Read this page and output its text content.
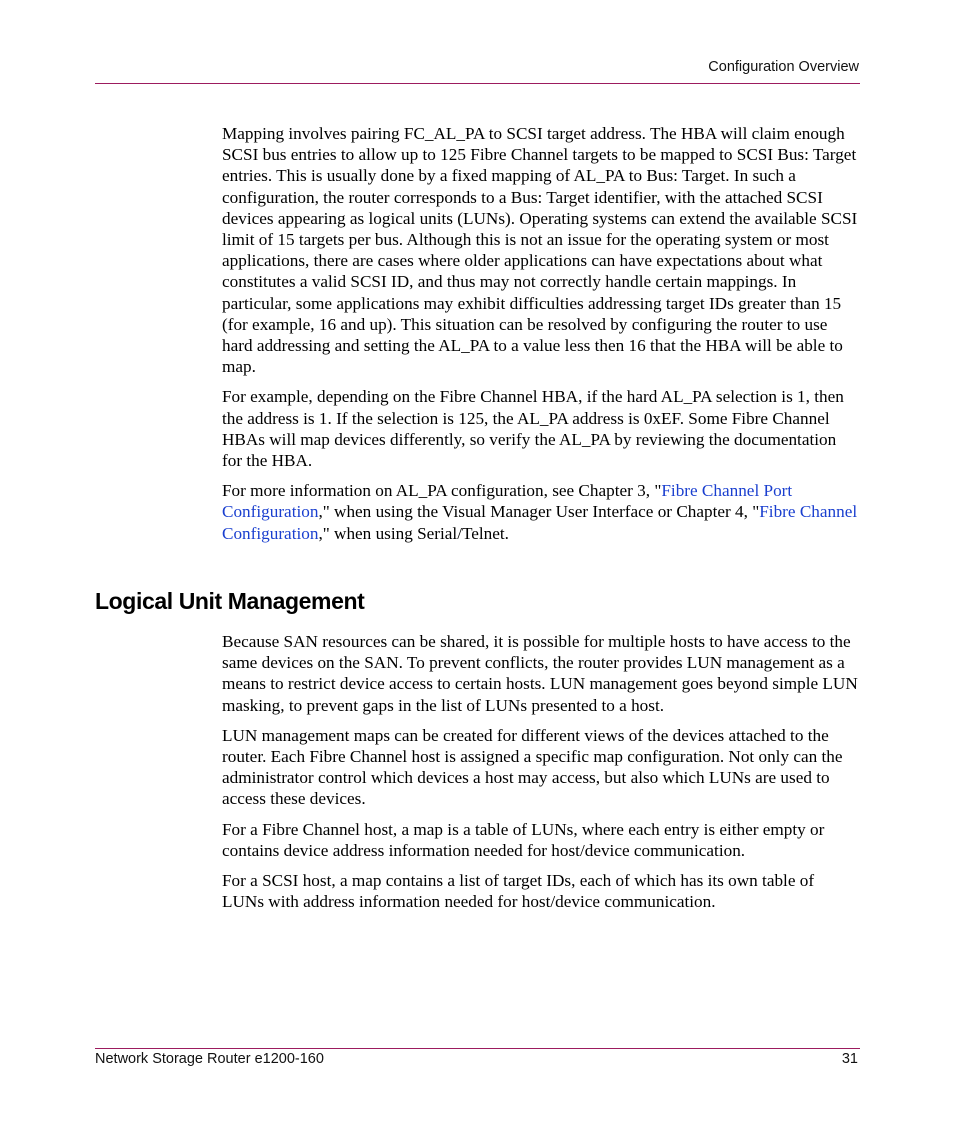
Configuration Overview

Mapping involves pairing FC_AL_PA to SCSI target address. The HBA will claim enough SCSI bus entries to allow up to 125 Fibre Channel targets to be mapped to SCSI Bus: Target entries. This is usually done by a fixed mapping of AL_PA to Bus: Target. In such a configuration, the router corresponds to a Bus: Target identifier, with the attached SCSI devices appearing as logical units (LUNs). Operating systems can extend the available SCSI limit of 15 targets per bus. Although this is not an issue for the operating system or most applications, there are cases where older applications can have expectations about what constitutes a valid SCSI ID, and thus may not correctly handle certain mappings. In particular, some applications may exhibit difficulties addressing target IDs greater than 15 (for example, 16 and up). This situation can be resolved by configuring the router to use hard addressing and setting the AL_PA to a value less then 16 that the HBA will be able to map.

For example, depending on the Fibre Channel HBA, if the hard AL_PA selection is 1, then the address is 1. If the selection is 125, the AL_PA address is 0xEF. Some Fibre Channel HBAs will map devices differently, so verify the AL_PA by reviewing the documentation for the HBA.

For more information on AL_PA configuration, see Chapter 3, "Fibre Channel Port Configuration," when using the Visual Manager User Interface or Chapter 4, "Fibre Channel Configuration," when using Serial/Telnet.

Logical Unit Management

Because SAN resources can be shared, it is possible for multiple hosts to have access to the same devices on the SAN. To prevent conflicts, the router provides LUN management as a means to restrict device access to certain hosts. LUN management goes beyond simple LUN masking, to prevent gaps in the list of LUNs presented to a host.

LUN management maps can be created for different views of the devices attached to the router. Each Fibre Channel host is assigned a specific map configuration. Not only can the administrator control which devices a host may access, but also which LUNs are used to access these devices.

For a Fibre Channel host, a map is a table of LUNs, where each entry is either empty or contains device address information needed for host/device communication.

For a SCSI host, a map contains a list of target IDs, each of which has its own table of LUNs with address information needed for host/device communication.

Network Storage Router e1200-160	31
